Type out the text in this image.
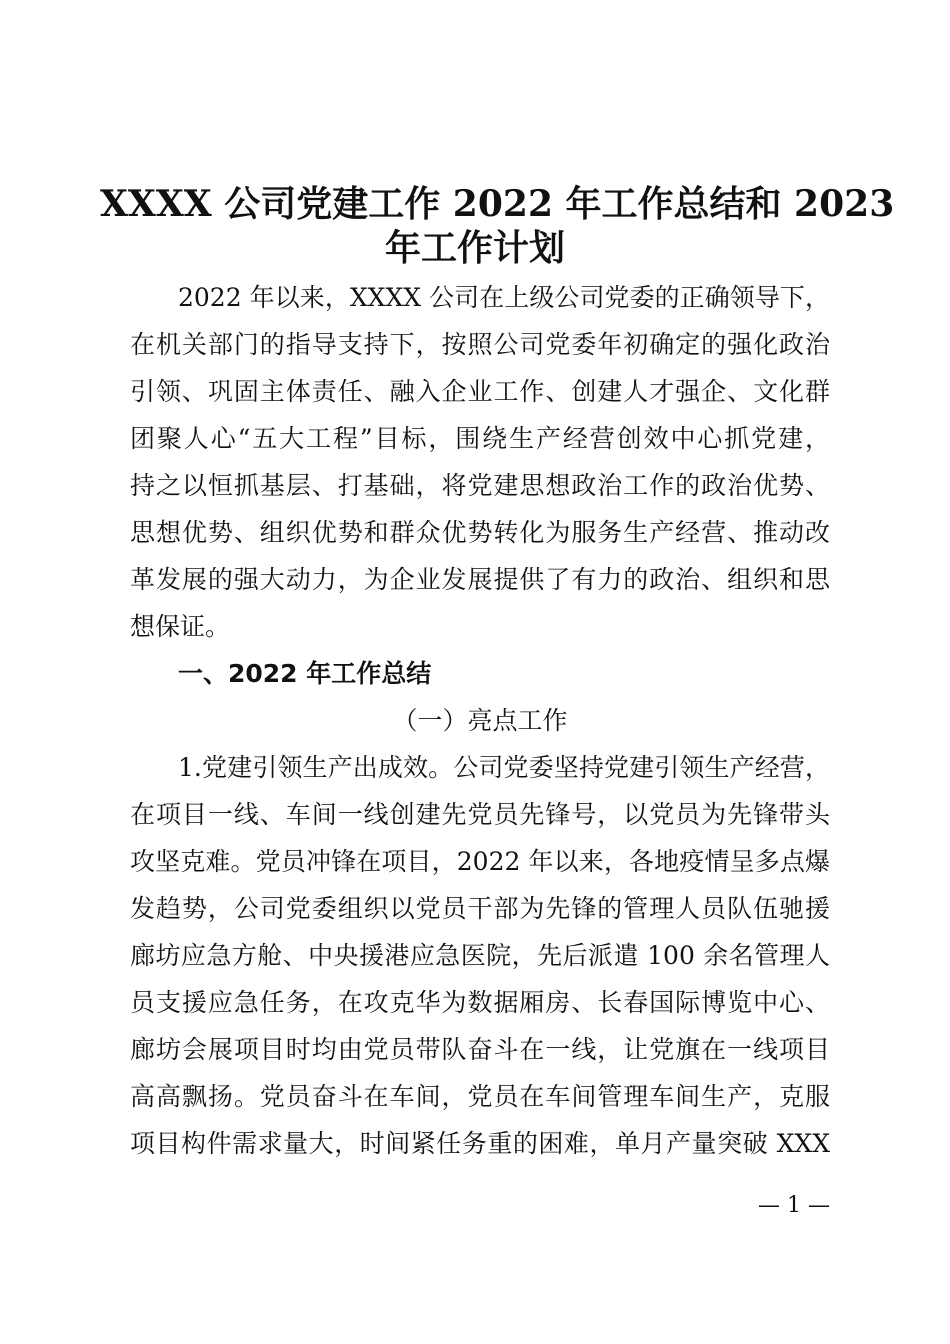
XXXX 公司党建工作 2022 年工作总结和 2023
年工作计划
2022 年以来，XXXX 公司在上级公司党委的正确领导下，
在机关部门的指导支持下，按照公司党委年初确定的强化政治
引领、巩固主体责任、融入企业工作、创建人才强企、文化群
团聚人心“五大工程”目标，围绕生产经营创效中心抓党建，
持之以恒抓基层、打基础，将党建思想政治工作的政治优势、
思想优势、组织优势和群众优势转化为服务生产经营、推动改
革发展的强大动力，为企业发展提供了有力的政治、组织和思
想保证。
一、2022 年工作总结
（一）亮点工作
1.党建引领生产出成效。公司党委坚持党建引领生产经营，
在项目一线、车间一线创建先党员先锋号，以党员为先锋带头
攻坚克难。党员冲锋在项目，2022 年以来，各地疫情呈多点爆
发趋势，公司党委组织以党员干部为先锋的管理人员队伍驰援
廊坊应急方舱、中央援港应急医院，先后派遣 100 余名管理人
员支援应急任务，在攻克华为数据厢房、长春国际博览中心、
廊坊会展项目时均由党员带队奋斗在一线，让党旗在一线项目
高高飘扬。党员奋斗在车间，党员在车间管理车间生产，克服
项目构件需求量大，时间紧任务重的困难，单月产量突破 XXX
— 1 —
